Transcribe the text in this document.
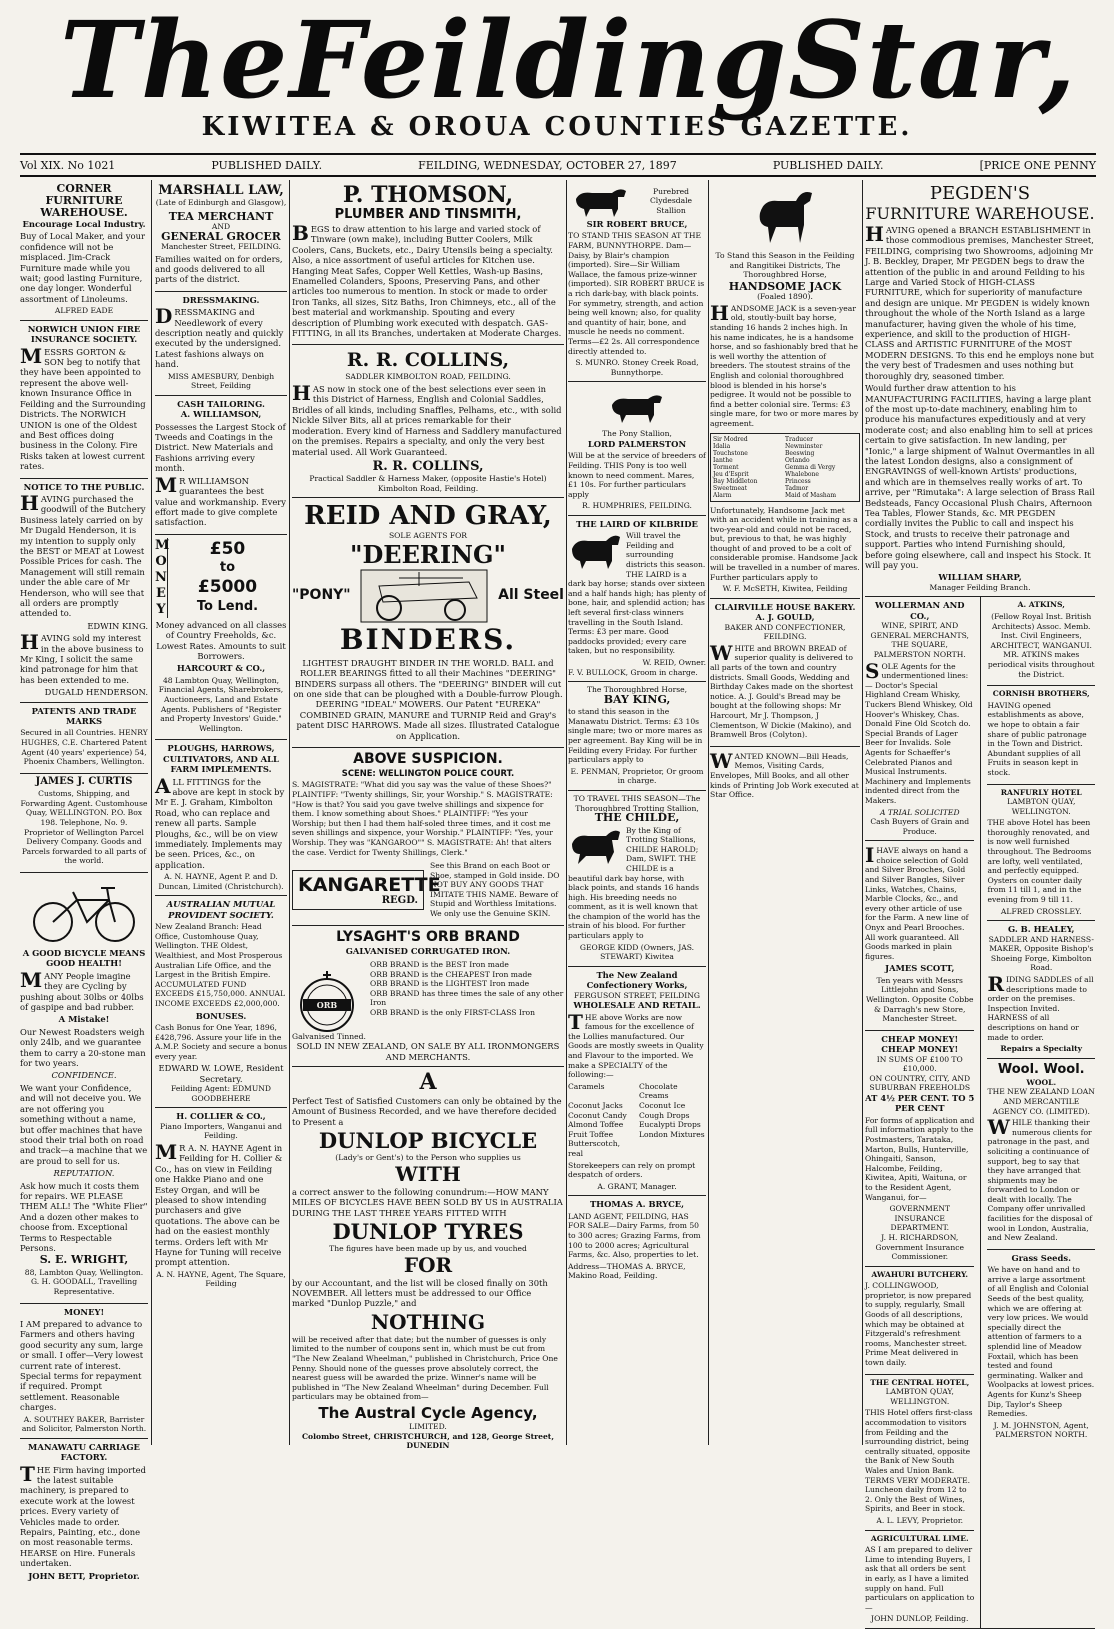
The Feilding Star,
KIWITEA & OROUA COUNTIES GAZETTE.
Vol XIX. No 1021	PUBLISHED DAILY.	FEILDING, WEDNESDAY, OCTOBER 27, 1897	PUBLISHED DAILY.	[PRICE ONE PENNY
CORNER FURNITURE WAREHOUSE.
Encourage Local Industry.

Buy of Local Maker, and your confidence will not be misplaced. Jim-Crack Furniture made while you wait; good lasting Furniture, one day longer. Wonderful assortment of Linoleums.

ALFRED EADE
NORWICH UNION FIRE INSURANCE SOCIETY.

MESSRS GORTON & SON beg to notify that they have been appointed to represent the above well-known Insurance Office in Feilding and the Surrounding Districts. The NORWICH UNION is one of the Oldest and Best offices doing business in the Colony. Fire Risks taken at lowest current rates.

NOTICE TO THE PUBLIC.

HAVING purchased the goodwill of the Butchery Business lately carried on by Mr Dugald Henderson, it is my intention to supply only the BEST or MEAT at Lowest Possible Prices for cash. The Management will still remain under the able care of Mr Henderson, who will see that all orders are promptly attended to.

EDWIN KING.

HAVING sold my interest in the above business to Mr King, I solicit the same kind patronage for him that has been extended to me.

DUGALD HENDERSON.
PATENTS AND TRADE MARKS

Secured in all Countries. HENRY HUGHES, C.E. Chartered Patent Agent (40 years' experience) 54, Phoenix Chambers, Wellington.

JAMES J. CURTIS

Customs, Shipping, and Forwarding Agent. Customhouse Quay, WELLINGTON. P.O. Box 198. Telephone, No. 9. Proprietor of Wellington Parcel Delivery Company. Goods and Parcels forwarded to all parts of the world.

A GOOD BICYCLE MEANS GOOD HEALTH!

MANY People imagine they are Cycling by pushing about 30lbs or 40lbs of gaspipe and bad rubber.

A Mistake!

Our Newest Roadsters weigh only 24lb, and we guarantee them to carry a 20-stone man for two years.

CONFIDENCE.

We want your Confidence, and will not deceive you. We are not offering you something without a name, but offer machines that have stood their trial both on road and track—a machine that we are proud to sell for us.

REPUTATION.

Ask how much it costs them for repairs. WE PLEASE THEM ALL! The "White Flier" And a dozen other makes to choose from. Exceptional Terms to Respectable Persons.

S. E. WRIGHT,

88, Lambton Quay, Wellington. G. H. GOODALL, Travelling Representative.

MONEY!

I AM prepared to advance to Farmers and others having good security any sum, large or small. I offer—Very lowest current rate of interest. Special terms for repayment if required. Prompt settlement. Reasonable charges.

A. SOUTHEY BAKER, Barrister and Solicitor, Palmerston North.
MANAWATU CARRIAGE FACTORY.

THE Firm having imported the latest suitable machinery, is prepared to execute work at the lowest prices. Every variety of Vehicles made to order. Repairs, Painting, etc., done on most reasonable terms. HEARSE on Hire. Funerals undertaken.

JOHN BETT, Proprietor.
MARSHALL LAW,
(Late of Edinburgh and Glasgow),
TEA MERCHANT
AND
GENERAL GROCER
Manchester Street, FEILDING.

Families waited on for orders, and goods delivered to all parts of the district.

DRESSMAKING.

DRESSMAKING and Needlework of every description neatly and quickly executed by the undersigned. Latest fashions always on hand.

MISS AMESBURY, Denbigh Street, Feilding
CASH TAILORING.
A. WILLIAMSON,

Possesses the Largest Stock of Tweeds and Coatings in the District. New Materials and Fashions arriving every month.

MR WILLIAMSON guarantees the best value and workmanship. Every effort made to give complete satisfaction.

MONEY
£50
to
£5000
To Lend.

Money advanced on all classes of Country Freeholds, &c. Lowest Rates. Amounts to suit Borrowers.

HARCOURT & CO.,

48 Lambton Quay, Wellington, Financial Agents, Sharebrokers, Auctioneers, Land and Estate Agents. Publishers of "Register and Property Investors' Guide." Wellington.

PLOUGHS, HARROWS, CULTIVATORS, AND ALL FARM IMPLEMENTS.

ALL FITTINGS for the above are kept in stock by Mr E. J. Graham, Kimbolton Road, who can replace and renew all parts. Sample Ploughs, &c., will be on view immediately. Implements may be seen. Prices, &c., on application.

A. N. HAYNE, Agent P. and D. Duncan, Limited (Christchurch).
AUSTRALIAN MUTUAL PROVIDENT SOCIETY.

New Zealand Branch: Head Office, Customhouse Quay, Wellington. THE Oldest, Wealthiest, and Most Prosperous Australian Life Office, and the Largest in the British Empire. ACCUMULATED FUND EXCEEDS £15,750,000. ANNUAL INCOME EXCEEDS £2,000,000.

BONUSES.

Cash Bonus for One Year, 1896, £428,796. Assure your life in the A.M.P. Society and secure a bonus every year.

EDWARD W. LOWE, Resident Secretary.
Feilding Agent: EDMUND GOODBEHERE
H. COLLIER & CO.,
Piano Importers, Wanganui and Feilding.

MR A. N. HAYNE Agent in Feilding for H. Collier & Co., has on view in Feilding one Hakke Piano and one Estey Organ, and will be pleased to show intending purchasers and give quotations. The above can be had on the easiest monthly terms. Orders left with Mr Hayne for Tuning will receive prompt attention.

A. N. HAYNE, Agent, The Square, Feilding
P. THOMSON,
PLUMBER AND TINSMITH,

BEGS to draw attention to his large and varied stock of Tinware (own make), including Butter Coolers, Milk Coolers, Cans, Buckets, etc., Dairy Utensils being a specialty. Also, a nice assortment of useful articles for Kitchen use. Hanging Meat Safes, Copper Well Kettles, Wash-up Basins, Enamelled Colanders, Spoons, Preserving Pans, and other articles too numerous to mention. In stock or made to order Iron Tanks, all sizes, Sitz Baths, Iron Chimneys, etc., all of the best material and workmanship. Spouting and every description of Plumbing work executed with despatch. GAS-FITTING, in all its Branches, undertaken at Moderate Charges.

R. R. COLLINS,
SADDLER KIMBOLTON ROAD, FEILDING.

HAS now in stock one of the best selections ever seen in this District of Harness, English and Colonial Saddles, Bridles of all kinds, including Snaffles, Pelhams, etc., with solid Nickle Silver Bits, all at prices remarkable for their moderation. Every kind of Harness and Saddlery manufactured on the premises. Repairs a specialty, and only the very best material used. All Work Guaranteed.

R. R. COLLINS,
Practical Saddler & Harness Maker, (opposite Hastie's Hotel) Kimbolton Road, Feilding.
REID AND GRAY,
SOLE AGENTS FOR
"DEERING"
"PONY"	All Steel
BINDERS.

LIGHTEST DRAUGHT BINDER IN THE WORLD. BALL and ROLLER BEARINGS fitted to all their Machines "DEERING" BINDERS surpass all others. The "DEERING" BINDER will cut on one side that can be ploughed with a Double-furrow Plough. DEERING "IDEAL" MOWERS. Our Patent "EUREKA" COMBINED GRAIN, MANURE and TURNIP Reid and Gray's patent DISC HARROWS. Made all sizes. Illustrated Catalogue on Application.

ABOVE SUSPICION.
SCENE: WELLINGTON POLICE COURT.

S. MAGISTRATE: "What did you say was the value of these Shoes?" PLAINTIFF: "Twenty shillings, Sir, your Worship." S. MAGISTRATE: "How is that? You said you gave twelve shillings and sixpence for them. I know something about Shoes." PLAINTIFF: "Yes your Worship; but then I had them half-soled three times, and it cost me seven shillings and sixpence, your Worship." PLAINTIFF: "Yes, your Worship. They was "KANGAROO"" S. MAGISTRATE: Ah! that alters the case. Verdict for Twenty Shillings, Clerk."

KANGARETTE
REGD.

See this Brand on each Boot or Shoe, stamped in Gold inside. DO NOT BUY ANY GOODS THAT IMITATE THIS NAME. Beware of Stupid and Worthless Imitations. We only use the Genuine SKIN.

LYSAGHT'S ORB BRAND
GALVANISED CORRUGATED IRON.
ORB
ORB BRAND is the BEST Iron made
ORB BRAND is the CHEAPEST Iron made
ORB BRAND is the LIGHTEST Iron made
ORB BRAND has three times the sale of any other Iron
ORB BRAND is the only FIRST-CLASS Iron
Galvanised Tinned.
SOLD IN NEW ZEALAND, ON SALE BY ALL IRONMONGERS AND MERCHANTS.
A

Perfect Test of Satisfied Customers can only be obtained by the Amount of Business Recorded, and we have therefore decided to Present a

DUNLOP BICYCLE
(Lady's or Gent's) to the Person who supplies us
WITH

a correct answer to the following conundrum:—HOW MANY MILES OF BICYCLES HAVE BEEN SOLD BY US in AUSTRALIA DURING THE LAST THREE YEARS FITTED WITH

DUNLOP TYRES
The figures have been made up by us, and vouched
FOR

by our Accountant, and the list will be closed finally on 30th NOVEMBER. All letters must be addressed to our Office marked "Dunlop Puzzle," and

NOTHING

will be received after that date; but the number of guesses is only limited to the number of coupons sent in, which must be cut from "The New Zealand Wheelman," published in Christchurch, Price One Penny. Should none of the guesses prove absolutely correct, the nearest guess will be awarded the prize. Winner's name will be published in "The New Zealand Wheelman" during December. Full particulars may be obtained from—

The Austral Cycle Agency,
LIMITED.
Colombo Street, CHRISTCHURCH, and 128, George Street, DUNEDIN
Purebred Clydesdale Stallion
SIR ROBERT BRUCE,

TO STAND THIS SEASON AT THE FARM, BUNNYTHORPE. Dam—Daisy, by Blair's champion (imported). Sire—Sir William Wallace, the famous prize-winner (imported). SIR ROBERT BRUCE is a rich dark-bay, with black points. For symmetry, strength, and action being well known; also, for quality and quantity of hair, bone, and muscle he needs no comment. Terms—£2 2s. All correspondence directly attended to.

S. MUNRO. Stoney Creek Road, Bunnythorpe.
The Pony Stallion,
LORD PALMERSTON

Will be at the service of breeders of Feilding. THIS Pony is too well known to need comment. Mares, £1 10s. For further particulars apply

R. HUMPHRIES, FEILDING.
THE LAIRD OF KILBRIDE

Will travel the Feilding and surrounding districts this season. THE LAIRD is a dark bay horse; stands over sixteen and a half hands high; has plenty of bone, hair, and splendid action; has left several first-class winners travelling in the South Island. Terms: £3 per mare. Good paddocks provided; every care taken, but no responsibility.

W. REID, Owner.
F. V. BULLOCK, Groom in charge.
The Thoroughbred Horse,
BAY KING,

to stand this season in the Manawatu District. Terms: £3 10s single mare; two or more mares as per agreement. Bay King will be in Feilding every Friday. For further particulars apply to

E. PENMAN, Proprietor, Or groom in charge.
TO TRAVEL THIS SEASON—The Thoroughbred Trotting Stallion,
THE CHILDE,

By the King of Trotting Stallions, CHILDE HAROLD; Dam, SWIFT. THE CHILDE is a beautiful dark bay horse, with black points, and stands 16 hands high. His breeding needs no comment, as it is well known that the champion of the world has the strain of his blood. For further particulars apply to

GEORGE KIDD (Owners, JAS. STEWART) Kiwitea
The New Zealand Confectionery Works,
FERGUSON STREET, FEILDING
WHOLESALE AND RETAIL.

THE above Works are now famous for the excellence of the Lollies manufactured. Our Goods are mostly sweets in Quality and Flavour to the imported. We make a SPECIALTY of the following:—

Caramels	Chocolate Creams
Coconut Jacks	Coconut Ice
Coconut Candy	Cough Drops
Almond Toffee	Eucalypti Drops
Fruit Toffee	London Mixtures
Butterscotch, real

Storekeepers can rely on prompt despatch of orders.

A. GRANT, Manager.
THOMAS A. BRYCE,

LAND AGENT, FEILDING, HAS FOR SALE—Dairy Farms, from 50 to 300 acres; Grazing Farms, from 100 to 2000 acres; Agricultural Farms, &c. Also, properties to let.

Address—THOMAS A. BRYCE, Makino Road, Feilding.

To Stand this Season in the Feilding and Rangitikei Districts, The Thoroughbred Horse,

HANDSOME JACK
(Foaled 1890).

HANDSOME JACK is a seven-year old, stoutly-built bay horse, standing 16 hands 2 inches high. In his name indicates, he is a handsome horse, and so fashionably bred that he is well worthy the attention of breeders. The stoutest strains of the English and colonial thoroughbred blood is blended in his horse's pedigree. It would not be possible to find a better colonial sire. Terms: £3 single mare, for two or more mares by agreement.

Sir Modred	Traducer
Idalia	Newminster
Touchstone	Beeswing
Ianthe	Orlando
Torment	Gemma di Vergy
Jeu d'Esprit	Whalebone
Bay Middleton	Princess
Sweetmeat	Tadmor
Alarm	Maid of Masham

Unfortunately, Handsome Jack met with an accident while in training as a two-year-old and could not be raced, but, previous to that, he was highly thought of and proved to be a colt of considerable promise. Handsome Jack will be travelled in a number of mares. Further particulars apply to

W. F. McSETH, Kiwitea, Feilding
CLAIRVILLE HOUSE BAKERY.
A. J. GOULD,
BAKER AND CONFECTIONER, FEILDING.

WHITE and BROWN BREAD of superior quality is delivered to all parts of the town and country districts. Small Goods, Wedding and Birthday Cakes made on the shortest notice. A. J. Gould's Bread may be bought at the following shops: Mr Harcourt, Mr J. Thompson, J Clementson, W Dickie (Makino), and Bramwell Bros (Colyton).

WANTED KNOWN—Bill Heads, Memos, Visiting Cards, Envelopes, Mill Books, and all other kinds of Printing Job Work executed at Star Office.

PEGDEN'S
FURNITURE WAREHOUSE.

HAVING opened a BRANCH ESTABLISHMENT in those commodious premises, Manchester Street, FEILDING, comprising two Showrooms, adjoining Mr J. B. Beckley, Draper, Mr PEGDEN begs to draw the attention of the public in and around Feilding to his Large and Varied Stock of HIGH-CLASS FURNITURE, which for superiority of manufacture and design are unique. Mr PEGDEN is widely known throughout the whole of the North Island as a large manufacturer, having given the whole of his time, experience, and skill to the production of HIGH-CLASS and ARTISTIC FURNITURE of the MOST MODERN DESIGNS. To this end he employs none but the very best of Tradesmen and uses nothing but thoroughly dry, seasoned timber.

Would further draw attention to his MANUFACTURING FACILITIES, having a large plant of the most up-to-date machinery, enabling him to produce his manufactures expeditiously and at very moderate cost; and also enabling him to sell at prices certain to give satisfaction. In new landing, per "Ionic," a large shipment of Walnut Overmantles in all the latest London designs, also a consignment of ENGRAVINGS of well-known Artists' productions, and which are in themselves really works of art. To arrive, per "Rimutaka": A large selection of Brass Rail Bedsteads, Fancy Occasional Plush Chairs, Afternoon Tea Tables, Flower Stands, &c. MR PEGDEN cordially invites the Public to call and inspect his Stock, and trusts to receive their patronage and support. Parties who intend Furnishing should, before going elsewhere, call and inspect his Stock. It will pay you.

WILLIAM SHARP,
Manager Feilding Branch.
WOLLERMAN AND CO.,
WINE, SPIRIT, AND GENERAL MERCHANTS,
THE SQUARE, PALMERSTON NORTH.

SOLE Agents for the undermentioned lines:— Doctor's Special Highland Cream Whisky, Tuckers Blend Whiskey, Old Hoover's Whiskey, Chas. Donald Fine Old Scotch do. Special Brands of Lager Beer for Invalids. Sole Agents for Schaeffer's Celebrated Pianos and Musical Instruments. Machinery and Implements indented direct from the Makers.

A TRIAL SOLICITED
Cash Buyers of Grain and Produce.

IHAVE always on hand a choice selection of Gold and Silver Brooches, Gold and Silver Bangles, Silver Links, Watches, Chains, Marble Clocks, &c., and every other article of use for the Farm. A new line of Onyx and Pearl Brooches. All work guaranteed. All Goods marked in plain figures.

JAMES SCOTT,

Ten years with Messrs Littlejohn and Sons, Wellington. Opposite Cobbe & Darragh's new Store, Manchester Street.

CHEAP MONEY! CHEAP MONEY!
IN SUMS OF £100 TO £10,000.
ON COUNTRY, CITY, AND SUBURBAN FREEHOLDS
AT 4½ PER CENT. TO 5 PER CENT

For forms of application and full information apply to the Postmasters, Tarataka, Marton, Bulls, Hunterville, Ohingaiti, Sanson, Halcombe, Feilding, Kiwitea, Apiti, Waituna, or to the Resident Agent, Wanganui, for—

GOVERNMENT INSURANCE DEPARTMENT.
J. H. RICHARDSON, Government Insurance Commissioner.
AWAHURI BUTCHERY.

J. COLLINGWOOD, proprietor, is now prepared to supply, regularly, Small Goods of all descriptions, which may be obtained at Fitzgerald's refreshment rooms, Manchester street. Prime Meat delivered in town daily.

THE CENTRAL HOTEL,
LAMBTON QUAY, WELLINGTON.

THIS Hotel offers first-class accommodation to visitors from Feilding and the surrounding district, being centrally situated, opposite the Bank of New South Wales and Union Bank. TERMS VERY MODERATE. Luncheon daily from 12 to 2. Only the Best of Wines, Spirits, and Beer in stock.

A. L. LEVY, Proprietor.
AGRICULTURAL LIME.

AS I am prepared to deliver Lime to intending Buyers, I ask that all orders be sent in early, as I have a limited supply on hand. Full particulars on application to—

JOHN DUNLOP, Feilding.
A. ATKINS,

(Fellow Royal Inst. British Architects) Assoc. Memb. Inst. Civil Engineers, ARCHITECT, WANGANUI. MR. ATKINS makes periodical visits throughout the District.

CORNISH BROTHERS,

HAVING opened establishments as above, we hope to obtain a fair share of public patronage in the Town and District. Abundant supplies of all Fruits in season kept in stock.

RANFURLY HOTEL
LAMBTON QUAY, WELLINGTON.

THE above Hotel has been thoroughly renovated, and is now well furnished throughout. The Bedrooms are lofty, well ventilated, and perfectly equipped. Oysters on counter daily from 11 till 1, and in the evening from 9 till 11.

ALFRED CROSSLEY.
G. B. HEALEY,
SADDLER AND HARNESS-MAKER, Opposite Bishop's Shoeing Forge, Kimbolton Road.

RIDING SADDLES of all descriptions made to order on the premises. Inspection Invited. HARNESS of all descriptions on hand or made to order.

Repairs a Specialty
Wool. Wool.
WOOL.
THE NEW ZEALAND LOAN AND MERCANTILE AGENCY CO. (LIMITED).

WHILE thanking their numerous clients for patronage in the past, and soliciting a continuance of support, beg to say that they have arranged that shipments may be forwarded to London or dealt with locally. The Company offer unrivalled facilities for the disposal of wool in London, Australia, and New Zealand.

Grass Seeds.

We have on hand and to arrive a large assortment of all English and Colonial Seeds of the best quality, which we are offering at very low prices. We would specially direct the attention of farmers to a splendid line of Meadow Foxtail, which has been tested and found germinating. Walker and Woolpacks at lowest prices. Agents for Kunz's Sheep Dip, Taylor's Sheep Remedies.

J. M. JOHNSTON, Agent, PALMERSTON NORTH.
